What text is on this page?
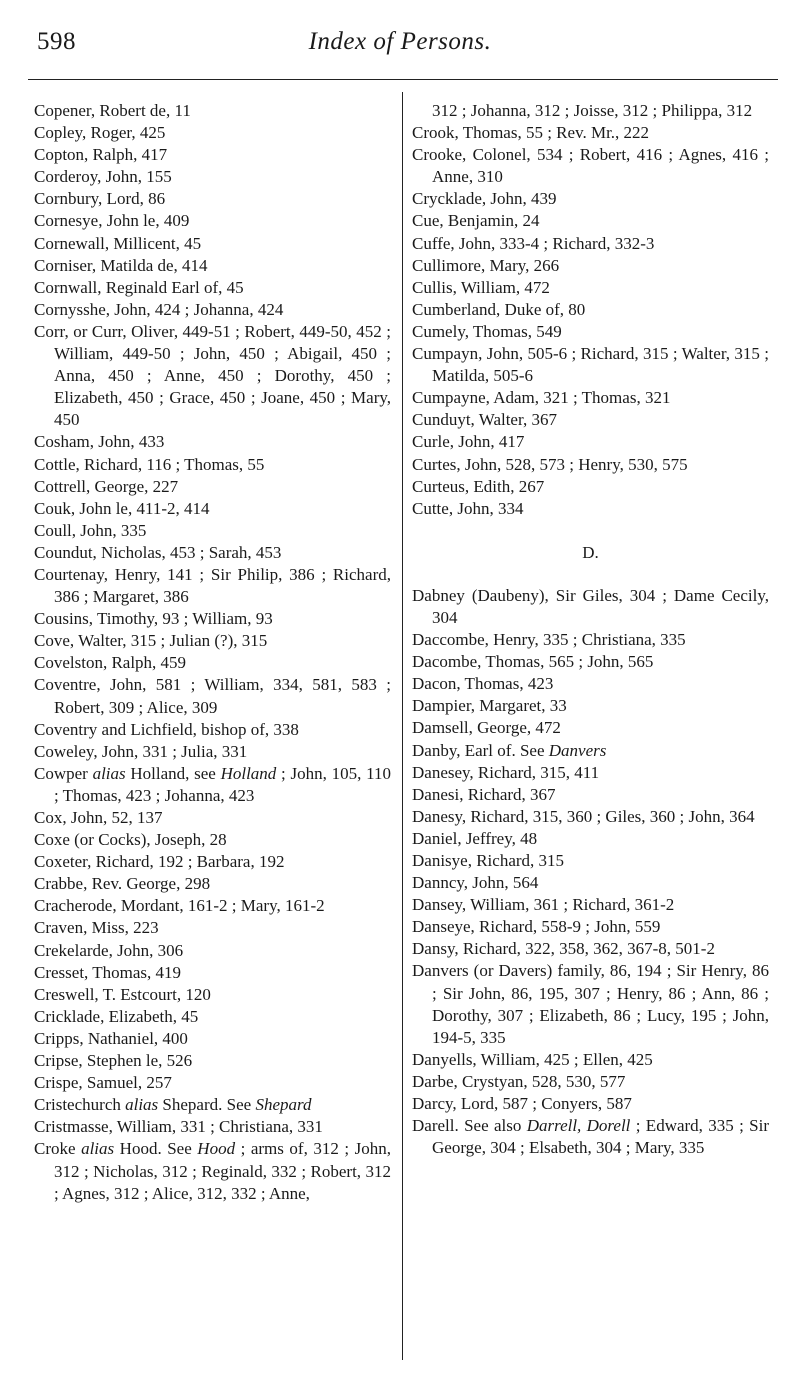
598	Index of Persons.
Copener, Robert de, 11
Copley, Roger, 425
Copton, Ralph, 417
Corderoy, John, 155
Cornbury, Lord, 86
Cornesye, John le, 409
Cornewall, Millicent, 45
Corniser, Matilda de, 414
Cornwall, Reginald Earl of, 45
Cornysshe, John, 424 ; Johanna, 424
Corr, or Curr, Oliver, 449-51 ; Robert, 449-50, 452 ; William, 449-50 ; John, 450 ; Abigail, 450 ; Anna, 450 ; Anne, 450 ; Dorothy, 450 ; Elizabeth, 450 ; Grace, 450 ; Joane, 450 ; Mary, 450
Cosham, John, 433
Cottle, Richard, 116 ; Thomas, 55
Cottrell, George, 227
Couk, John le, 411-2, 414
Coull, John, 335
Coundut, Nicholas, 453 ; Sarah, 453
Courtenay, Henry, 141 ; Sir Philip, 386 ; Richard, 386 ; Margaret, 386
Cousins, Timothy, 93 ; William, 93
Cove, Walter, 315 ; Julian (?), 315
Covelston, Ralph, 459
Coventre, John, 581 ; William, 334, 581, 583 ; Robert, 309 ; Alice, 309
Coventry and Lichfield, bishop of, 338
Coweley, John, 331 ; Julia, 331
Cowper alias Holland, see Holland ; John, 105, 110 ; Thomas, 423 ; Johanna, 423
Cox, John, 52, 137
Coxe (or Cocks), Joseph, 28
Coxeter, Richard, 192 ; Barbara, 192
Crabbe, Rev. George, 298
Cracherode, Mordant, 161-2 ; Mary, 161-2
Craven, Miss, 223
Crekelarde, John, 306
Cresset, Thomas, 419
Creswell, T. Estcourt, 120
Cricklade, Elizabeth, 45
Cripps, Nathaniel, 400
Cripse, Stephen le, 526
Crispe, Samuel, 257
Cristechurch alias Shepard. See Shepard
Cristmasse, William, 331 ; Christiana, 331
Croke alias Hood. See Hood ; arms of, 312 ; John, 312 ; Nicholas, 312 ; Reginald, 332 ; Robert, 312 ; Agnes, 312 ; Alice, 312, 332 ; Anne,
312 ; Johanna, 312 ; Joisse, 312 ; Philippa, 312
Crook, Thomas, 55 ; Rev. Mr., 222
Crooke, Colonel, 534 ; Robert, 416 ; Agnes, 416 ; Anne, 310
Crycklade, John, 439
Cue, Benjamin, 24
Cuffe, John, 333-4 ; Richard, 332-3
Cullimore, Mary, 266
Cullis, William, 472
Cumberland, Duke of, 80
Cumely, Thomas, 549
Cumpayn, John, 505-6 ; Richard, 315 ; Walter, 315 ; Matilda, 505-6
Cumpayne, Adam, 321 ; Thomas, 321
Cunduyt, Walter, 367
Curle, John, 417
Curtes, John, 528, 573 ; Henry, 530, 575
Curteus, Edith, 267
Cutte, John, 334
D.
Dabney (Daubeny), Sir Giles, 304 ; Dame Cecily, 304
Daccombe, Henry, 335 ; Christiana, 335
Dacombe, Thomas, 565 ; John, 565
Dacon, Thomas, 423
Dampier, Margaret, 33
Damsell, George, 472
Danby, Earl of. See Danvers
Danesey, Richard, 315, 411
Danesi, Richard, 367
Danesy, Richard, 315, 360 ; Giles, 360 ; John, 364
Daniel, Jeffrey, 48
Danisye, Richard, 315
Danncy, John, 564
Dansey, William, 361 ; Richard, 361-2
Danseye, Richard, 558-9 ; John, 559
Dansy, Richard, 322, 358, 362, 367-8, 501-2
Danvers (or Davers) family, 86, 194 ; Sir Henry, 86 ; Sir John, 86, 195, 307 ; Henry, 86 ; Ann, 86 ; Dorothy, 307 ; Elizabeth, 86 ; Lucy, 195 ; John, 194-5, 335
Danyells, William, 425 ; Ellen, 425
Darbe, Crystyan, 528, 530, 577
Darcy, Lord, 587 ; Conyers, 587
Darell. See also Darrell, Dorell ; Edward, 335 ; Sir George, 304 ; Elsabeth, 304 ; Mary, 335
